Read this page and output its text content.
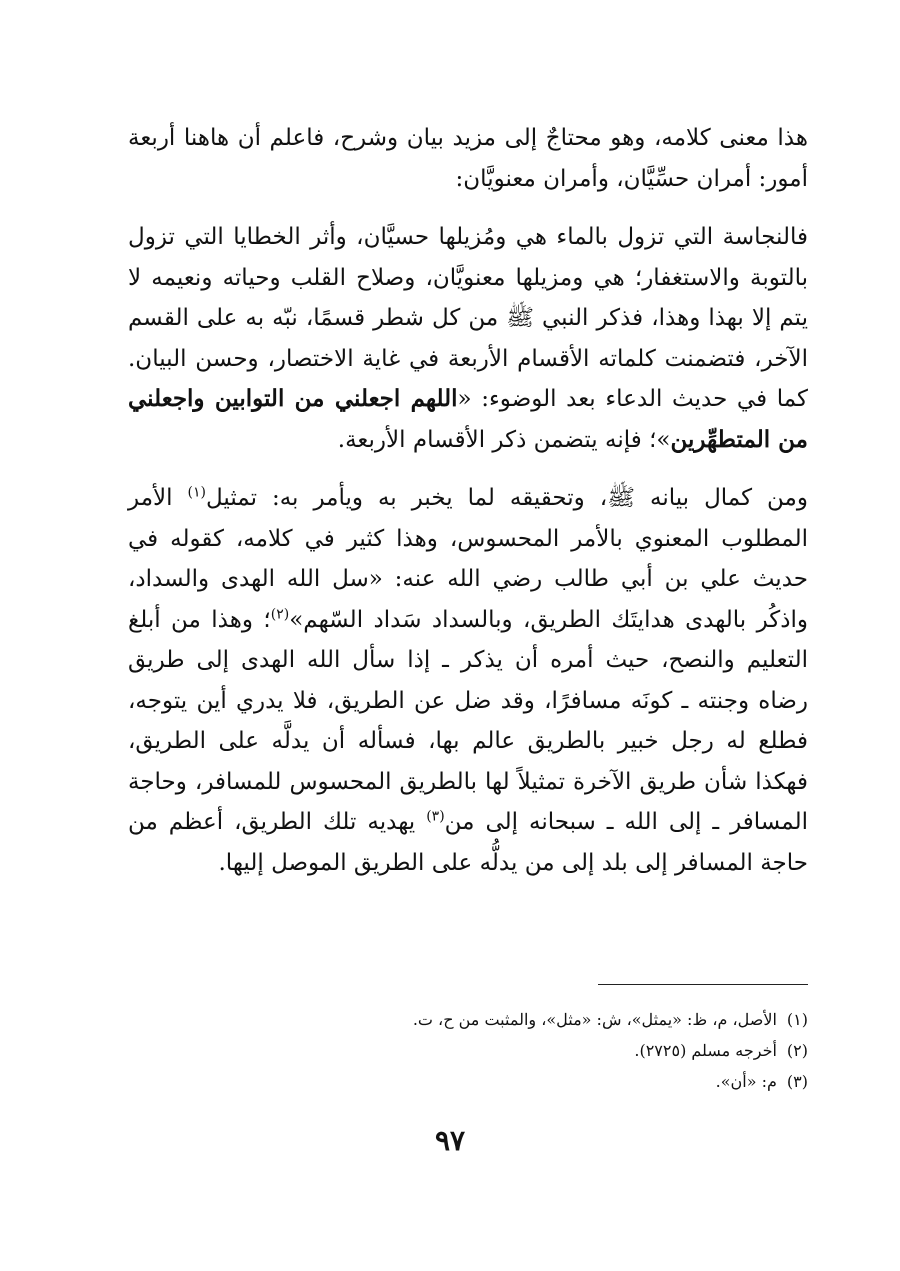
هذا معنى كلامه، وهو محتاجٌ إلى مزيد بيان وشرح، فاعلم أن هاهنا أربعة أمور: أمران حسِّيَّان، وأمران معنويَّان:

فالنجاسة التي تزول بالماء هي ومُزيلها حسيَّان، وأثر الخطايا التي تزول بالتوبة والاستغفار؛ هي ومزيلها معنويَّان، وصلاح القلب وحياته ونعيمه لا يتم إلا بهذا وهذا، فذكر النبي ﷺ من كل شطر قسمًا، نبّه به على القسم الآخر، فتضمنت كلماته الأقسام الأربعة في غاية الاختصار، وحسن البيان. كما في حديث الدعاء بعد الوضوء: «اللهم اجعلني من التوابين واجعلني من المتطهِّرين»؛ فإنه يتضمن ذكر الأقسام الأربعة.

ومن كمال بيانه ﷺ، وتحقيقه لما يخبر به ويأمر به: تمثيل$^{(١)}$ الأمر المطلوب المعنوي بالأمر المحسوس، وهذا كثير في كلامه، كقوله في حديث علي بن أبي طالب رضي الله عنه: «سل الله الهدى والسداد، واذكُر بالهدى هدايتَك الطريق، وبالسداد سَداد السّهم»$^{(٢)}$؛ وهذا من أبلغ التعليم والنصح، حيث أمره أن يذكر ـ إذا سأل الله الهدى إلى طريق رضاه وجنته ـ كونَه مسافرًا، وقد ضل عن الطريق، فلا يدري أين يتوجه، فطلع له رجل خبير بالطريق عالم بها، فسأله أن يدلَّه على الطريق، فهكذا شأن طريق الآخرة تمثيلاً لها بالطريق المحسوس للمسافر، وحاجة المسافر ـ إلى الله ـ سبحانه إلى من$^{(٣)}$ يهديه تلك الطريق، أعظم من حاجة المسافر إلى بلد إلى من يدلُّه على الطريق الموصل إليها.

(١)
الأصل، م، ظ: «يمثل»، ش: «مثل»، والمثبت من ح، ت.
(٢)
أخرجه مسلم (٢٧٢٥).
(٣)
م: «أن».
٩٧
